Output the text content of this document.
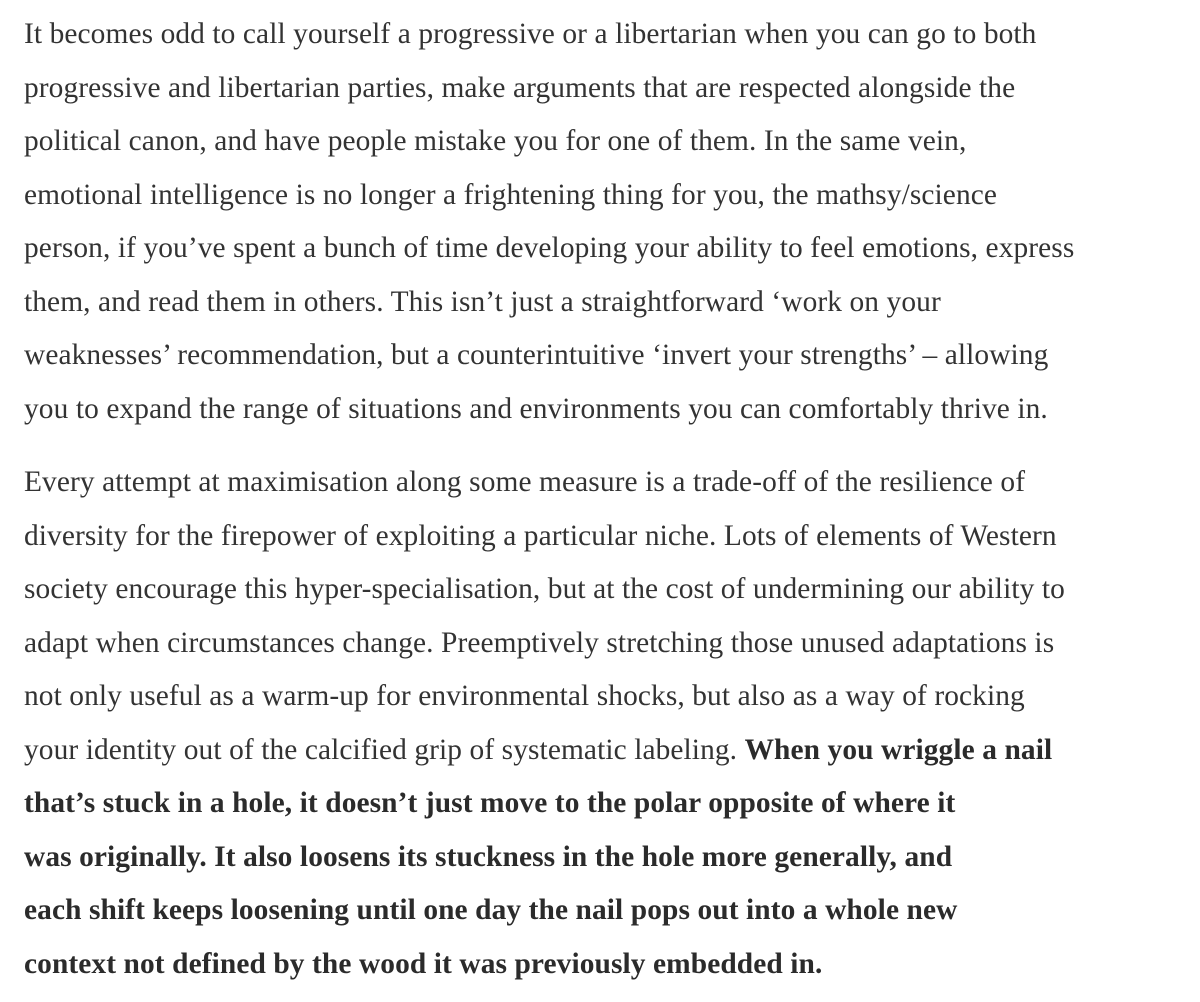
It becomes odd to call yourself a progressive or a libertarian when you can go to both
progressive and libertarian parties, make arguments that are respected alongside the
political canon, and have people mistake you for one of them. In the same vein,
emotional intelligence is no longer a frightening thing for you, the mathsy/science
person, if you’ve spent a bunch of time developing your ability to feel emotions, express
them, and read them in others. This isn’t just a straightforward ‘work on your
weaknesses’ recommendation, but a counterintuitive ‘invert your strengths’ – allowing
you to expand the range of situations and environments you can comfortably thrive in.

Every attempt at maximisation along some measure is a trade-off of the resilience of
diversity for the firepower of exploiting a particular niche. Lots of elements of Western
society encourage this hyper-specialisation, but at the cost of undermining our ability to
adapt when circumstances change. Preemptively stretching those unused adaptations is
not only useful as a warm-up for environmental shocks, but also as a way of rocking
your identity out of the calcified grip of systematic labeling. When you wriggle a nail
that’s stuck in a hole, it doesn’t just move to the polar opposite of where it
was originally. It also loosens its stuckness in the hole more generally, and
each shift keeps loosening until one day the nail pops out into a whole new
context not defined by the wood it was previously embedded in.
